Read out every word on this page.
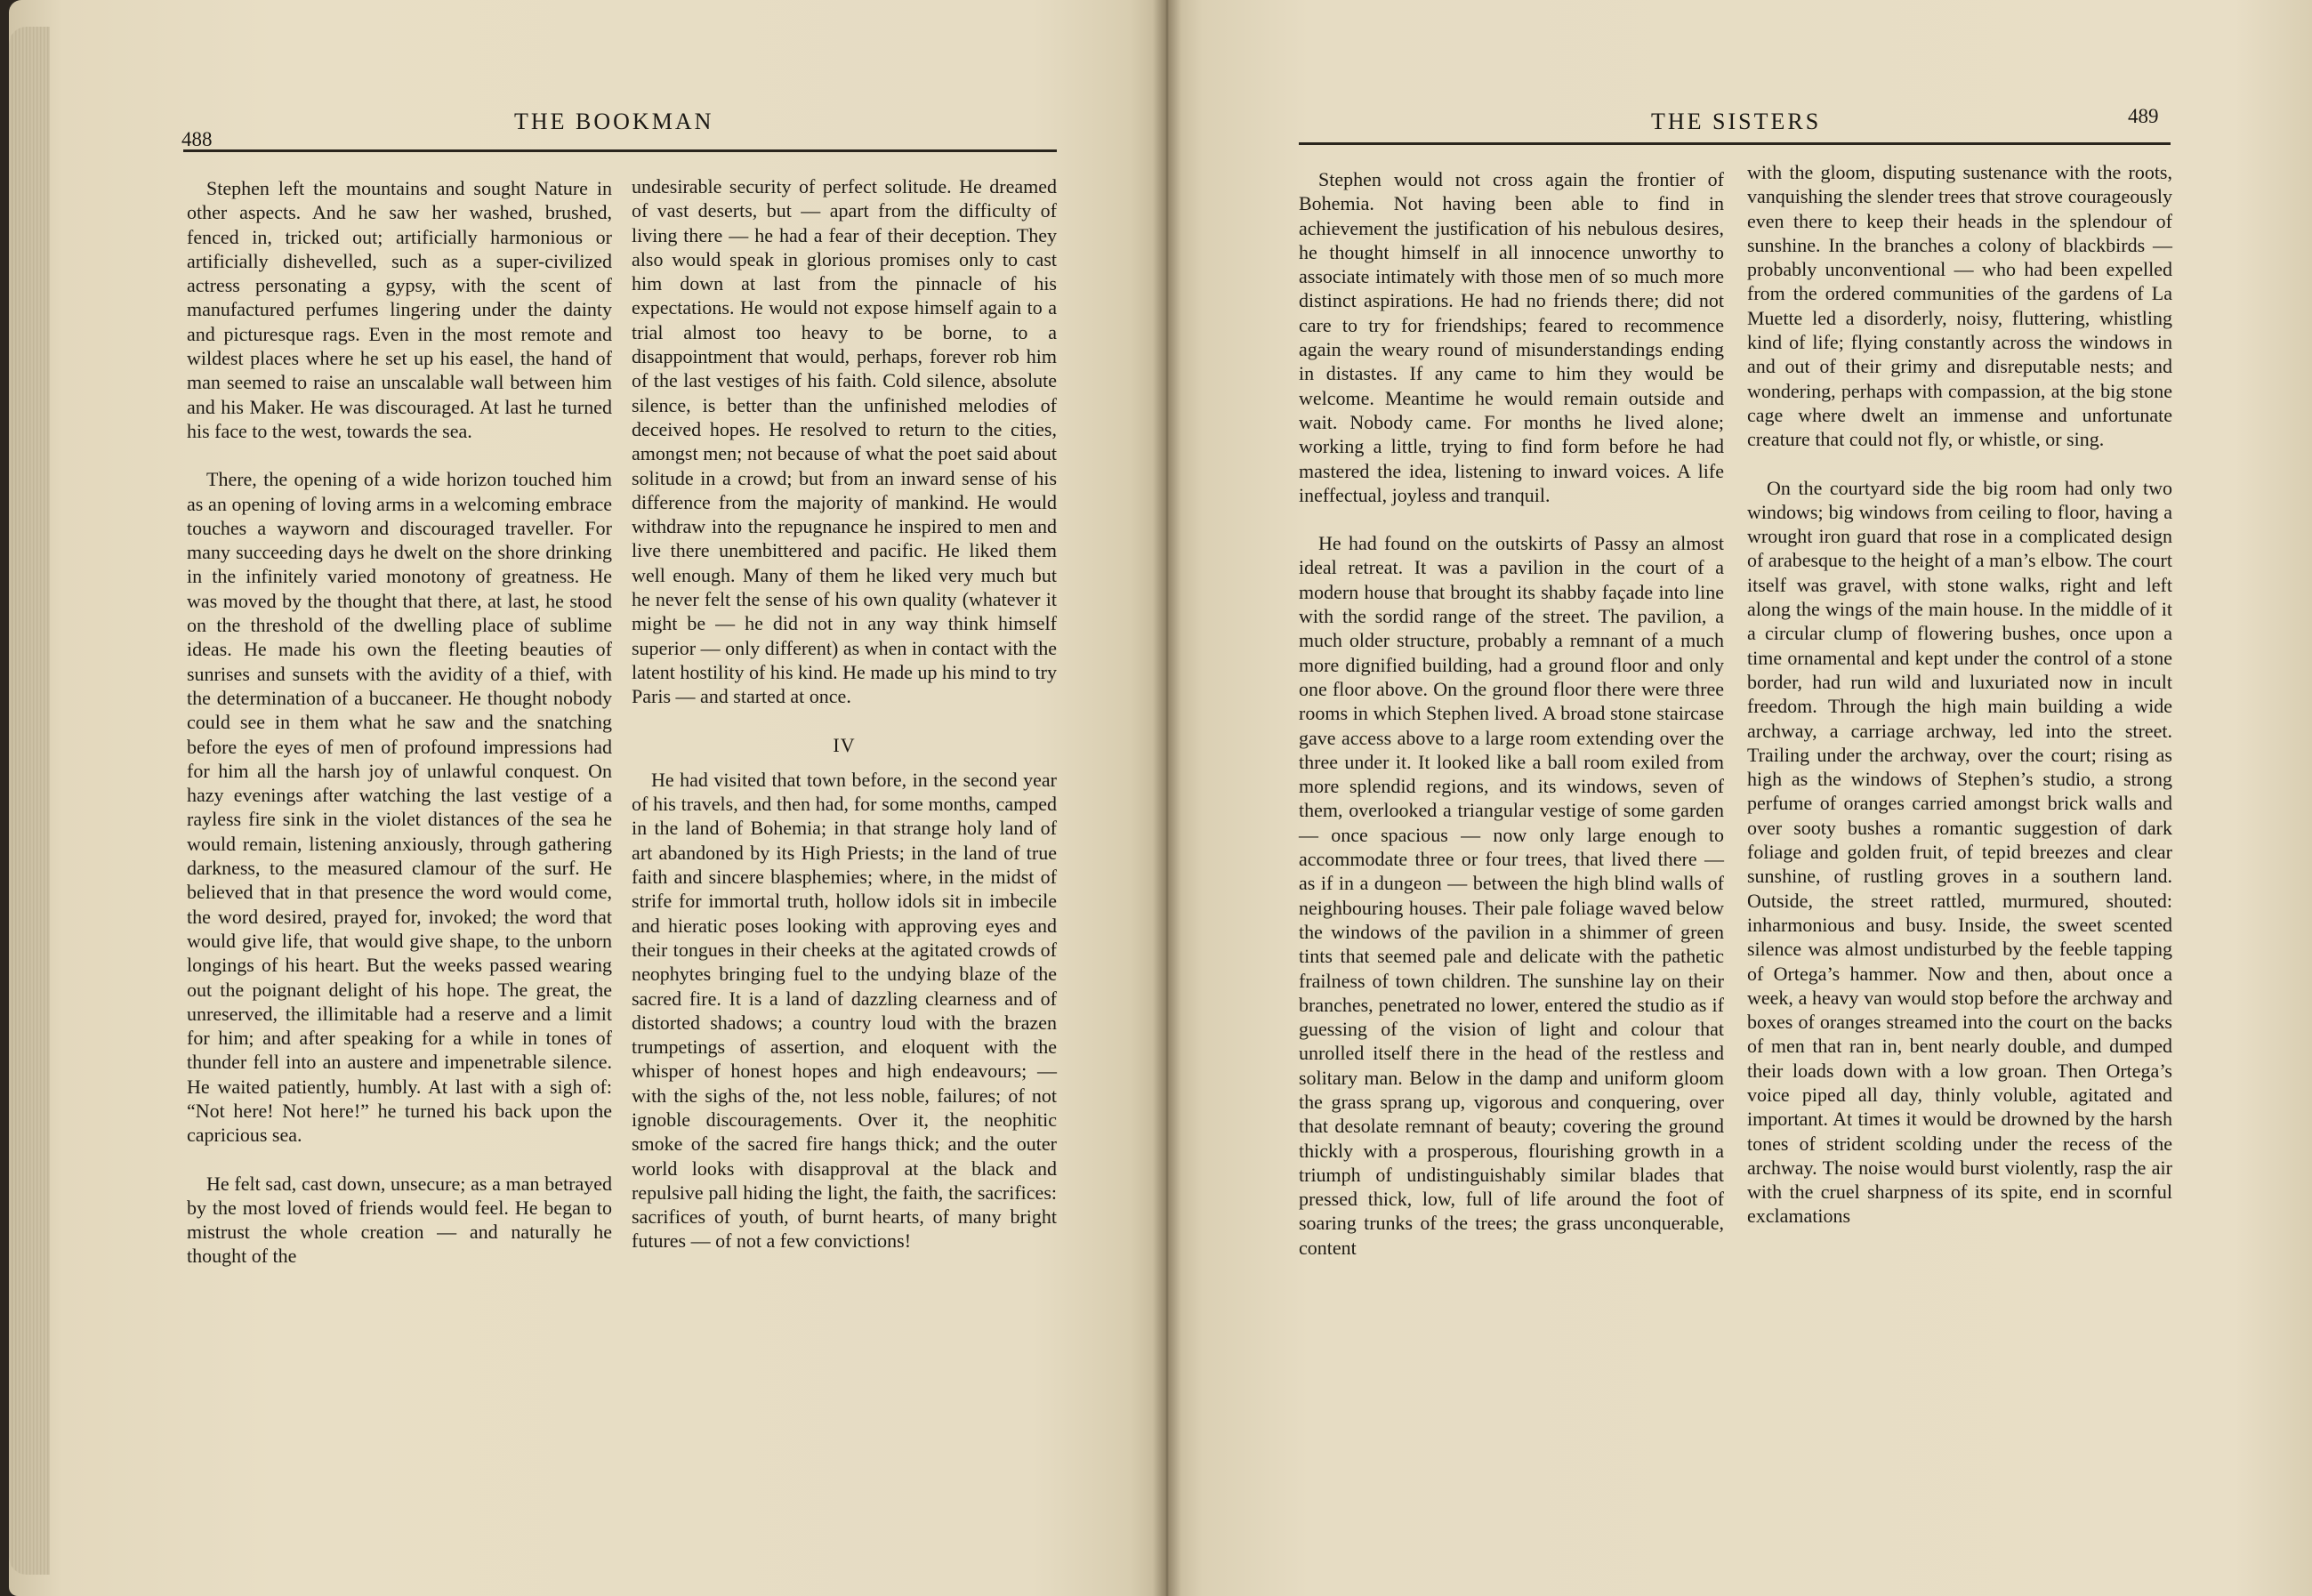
488
THE BOOKMAN

Stephen left the mountains and sought Nature in other aspects. And he saw her washed, brushed, fenced in, tricked out; artificially harmonious or artificially dishevelled, such as a super-civilized actress personating a gypsy, with the scent of manufactured perfumes lingering under the dainty and picturesque rags. Even in the most remote and wildest places where he set up his easel, the hand of man seemed to raise an unscalable wall between him and his Maker. He was discouraged. At last he turned his face to the west, towards the sea.

There, the opening of a wide horizon touched him as an opening of loving arms in a welcoming embrace touches a wayworn and discouraged traveller. For many succeeding days he dwelt on the shore drinking in the infinitely varied monotony of greatness. He was moved by the thought that there, at last, he stood on the threshold of the dwelling place of sublime ideas. He made his own the fleeting beauties of sunrises and sunsets with the avidity of a thief, with the determination of a buccaneer. He thought nobody could see in them what he saw and the snatching before the eyes of men of profound impressions had for him all the harsh joy of unlawful conquest. On hazy evenings after watching the last vestige of a rayless fire sink in the violet distances of the sea he would remain, listening anxiously, through gathering darkness, to the measured clamour of the surf. He believed that in that presence the word would come, the word desired, prayed for, invoked; the word that would give life, that would give shape, to the unborn longings of his heart. But the weeks passed wearing out the poignant delight of his hope. The great, the unreserved, the illimitable had a reserve and a limit for him; and after speaking for a while in tones of thunder fell into an austere and impenetrable silence. He waited patiently, humbly. At last with a sigh of: “Not here! Not here!” he turned his back upon the capricious sea.

He felt sad, cast down, unsecure; as a man betrayed by the most loved of friends would feel. He began to mistrust the whole creation — and naturally he thought of the

undesirable security of perfect solitude. He dreamed of vast deserts, but — apart from the difficulty of living there — he had a fear of their deception. They also would speak in glorious promises only to cast him down at last from the pinnacle of his expectations. He would not expose himself again to a trial almost too heavy to be borne, to a disappointment that would, perhaps, forever rob him of the last vestiges of his faith. Cold silence, absolute silence, is better than the unfinished melodies of deceived hopes. He resolved to return to the cities, amongst men; not because of what the poet said about solitude in a crowd; but from an inward sense of his difference from the majority of mankind. He would withdraw into the repugnance he inspired to men and live there unembittered and pacific. He liked them well enough. Many of them he liked very much but he never felt the sense of his own quality (whatever it might be — he did not in any way think himself superior — only different) as when in contact with the latent hostility of his kind. He made up his mind to try Paris — and started at once.

IV

He had visited that town before, in the second year of his travels, and then had, for some months, camped in the land of Bohemia; in that strange holy land of art abandoned by its High Priests; in the land of true faith and sincere blasphemies; where, in the midst of strife for immortal truth, hollow idols sit in imbecile and hieratic poses looking with approving eyes and their tongues in their cheeks at the agitated crowds of neophytes bringing fuel to the undying blaze of the sacred fire. It is a land of dazzling clearness and of distorted shadows; a country loud with the brazen trumpetings of assertion, and eloquent with the whisper of honest hopes and high endeavours; — with the sighs of the, not less noble, failures; of not ignoble discouragements. Over it, the neophitic smoke of the sacred fire hangs thick; and the outer world looks with disapproval at the black and repulsive pall hiding the light, the faith, the sacrifices: sacrifices of youth, of burnt hearts, of many bright futures — of not a few convictions!

THE SISTERS	489

Stephen would not cross again the frontier of Bohemia. Not having been able to find in achievement the justification of his nebulous desires, he thought himself in all innocence unworthy to associate intimately with those men of so much more distinct aspirations. He had no friends there; did not care to try for friendships; feared to recommence again the weary round of misunderstandings ending in distastes. If any came to him they would be welcome. Meantime he would remain outside and wait. Nobody came. For months he lived alone; working a little, trying to find form before he had mastered the idea, listening to inward voices. A life ineffectual, joyless and tranquil.

He had found on the outskirts of Passy an almost ideal retreat. It was a pavilion in the court of a modern house that brought its shabby façade into line with the sordid range of the street. The pavilion, a much older structure, probably a remnant of a much more dignified building, had a ground floor and only one floor above. On the ground floor there were three rooms in which Stephen lived. A broad stone staircase gave access above to a large room extending over the three under it. It looked like a ball room exiled from more splendid regions, and its windows, seven of them, overlooked a triangular vestige of some garden — once spacious — now only large enough to accommodate three or four trees, that lived there — as if in a dungeon — between the high blind walls of neighbouring houses. Their pale foliage waved below the windows of the pavilion in a shimmer of green tints that seemed pale and delicate with the pathetic frailness of town children. The sunshine lay on their branches, penetrated no lower, entered the studio as if guessing of the vision of light and colour that unrolled itself there in the head of the restless and solitary man. Below in the damp and uniform gloom the grass sprang up, vigorous and conquering, over that desolate remnant of beauty; covering the ground thickly with a prosperous, flourishing growth in a triumph of undistinguishably similar blades that pressed thick, low, full of life around the foot of soaring trunks of the trees; the grass unconquerable, content

with the gloom, disputing sustenance with the roots, vanquishing the slender trees that strove courageously even there to keep their heads in the splendour of sunshine. In the branches a colony of blackbirds — probably unconventional — who had been expelled from the ordered communities of the gardens of La Muette led a disorderly, noisy, fluttering, whistling kind of life; flying constantly across the windows in and out of their grimy and disreputable nests; and wondering, perhaps with compassion, at the big stone cage where dwelt an immense and unfortunate creature that could not fly, or whistle, or sing.

On the courtyard side the big room had only two windows; big windows from ceiling to floor, having a wrought iron guard that rose in a complicated design of arabesque to the height of a man’s elbow. The court itself was gravel, with stone walks, right and left along the wings of the main house. In the middle of it a circular clump of flowering bushes, once upon a time ornamental and kept under the control of a stone border, had run wild and luxuriated now in incult freedom. Through the high main building a wide archway, a carriage archway, led into the street. Trailing under the archway, over the court; rising as high as the windows of Stephen’s studio, a strong perfume of oranges carried amongst brick walls and over sooty bushes a romantic suggestion of dark foliage and golden fruit, of tepid breezes and clear sunshine, of rustling groves in a southern land. Outside, the street rattled, murmured, shouted: inharmonious and busy. Inside, the sweet scented silence was almost undisturbed by the feeble tapping of Ortega’s hammer. Now and then, about once a week, a heavy van would stop before the archway and boxes of oranges streamed into the court on the backs of men that ran in, bent nearly double, and dumped their loads down with a low groan. Then Ortega’s voice piped all day, thinly voluble, agitated and important. At times it would be drowned by the harsh tones of strident scolding under the recess of the archway. The noise would burst violently, rasp the air with the cruel sharpness of its spite, end in scornful exclamations
